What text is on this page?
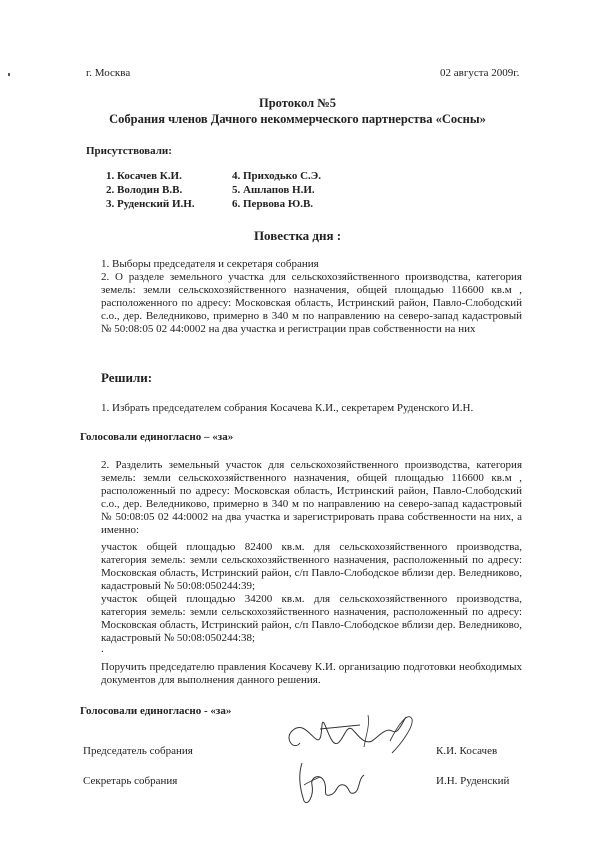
г. Москва	02 августа 2009г.
Протокол №5
Собрания членов Дачного некоммерческого партнерства «Сосны»
Присутствовали:
1. Косачев К.И.
2. Володин В.В.
3. Руденский И.Н.
4. Приходько С.Э.
5. Ашлапов Н.И.
6. Первова Ю.В.
Повестка дня :
1. Выборы председателя и секретаря собрания
2. О разделе земельного участка для сельскохозяйственного производства, категория земель: земли сельскохозяйственного назначения, общей площадью 116600 кв.м , расположенного по адресу: Московская область, Истринский район, Павло-Слободский с.о., дер. Веледниково, примерно в 340 м по направлению на северо-запад кадастровый № 50:08:05 02 44:0002 на два участка и регистрации прав собственности на них
Решили:
1. Избрать председателем собрания Косачева К.И., секретарем Руденского И.Н.
Голосовали единогласно – «за»
2. Разделить земельный участок для сельскохозяйственного производства, категория земель: земли сельскохозяйственного назначения, общей площадью 116600 кв.м , расположенный по адресу: Московская область, Истринский район, Павло-Слободский с.о., дер. Веледниково, примерно в 340 м по направлению на северо-запад кадастровый № 50:08:05 02 44:0002 на два участка и зарегистрировать права собственности на них, а именно:
участок общей площадью 82400 кв.м. для сельскохозяйственного производства, категория земель: земли сельскохозяйственного назначения, расположенный по адресу: Московская область, Истринский район, с/п Павло-Слободское вблизи дер. Веледниково, кадастровый № 50:08:050244:39;
участок общей площадью 34200 кв.м. для сельскохозяйственного производства, категория земель: земли сельскохозяйственного назначения, расположенный по адресу: Московская область, Истринский район, с/п Павло-Слободское вблизи дер. Веледниково, кадастровый № 50:08:050244:38;
.
Поручить председателю правления Косачеву К.И. организацию подготовки необходимых документов для выполнения данного решения.
Голосовали единогласно - «за»
Председатель собрания	К.И. Косачев
Секретарь собрания	И.Н. Руденский
